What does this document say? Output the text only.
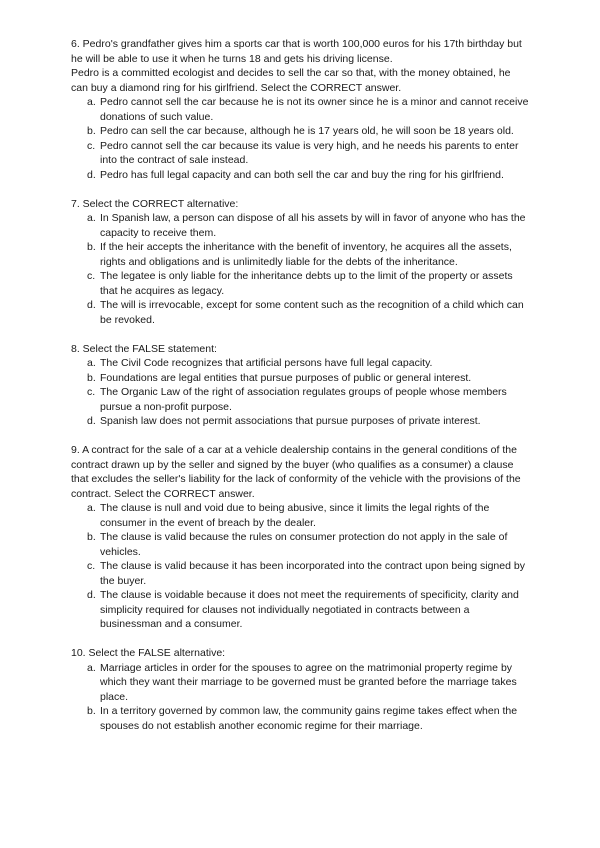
6. Pedro's grandfather gives him a sports car that is worth 100,000 euros for his 17th birthday but he will be able to use it when he turns 18 and gets his driving license.

Pedro is a committed ecologist and decides to sell the car so that, with the money obtained, he can buy a diamond ring for his girlfriend. Select the CORRECT answer.

a. Pedro cannot sell the car because he is not its owner since he is a minor and cannot receive donations of such value.
b. Pedro can sell the car because, although he is 17 years old, he will soon be 18 years old.
c. Pedro cannot sell the car because its value is very high, and he needs his parents to enter into the contract of sale instead.
d. Pedro has full legal capacity and can both sell the car and buy the ring for his girlfriend.

7. Select the CORRECT alternative:

a. In Spanish law, a person can dispose of all his assets by will in favor of anyone who has the capacity to receive them.
b. If the heir accepts the inheritance with the benefit of inventory, he acquires all the assets, rights and obligations and is unlimitedly liable for the debts of the inheritance.
c. The legatee is only liable for the inheritance debts up to the limit of the property or assets that he acquires as legacy.
d. The will is irrevocable, except for some content such as the recognition of a child which can be revoked.

8. Select the FALSE statement:

a. The Civil Code recognizes that artificial persons have full legal capacity.
b. Foundations are legal entities that pursue purposes of public or general interest.
c. The Organic Law of the right of association regulates groups of people whose members pursue a non-profit purpose.
d. Spanish law does not permit associations that pursue purposes of private interest.

9. A contract for the sale of a car at a vehicle dealership contains in the general conditions of the contract drawn up by the seller and signed by the buyer (who qualifies as a consumer) a clause that excludes the seller's liability for the lack of conformity of the vehicle with the provisions of the contract. Select the CORRECT answer.

a. The clause is null and void due to being abusive, since it limits the legal rights of the consumer in the event of breach by the dealer.
b. The clause is valid because the rules on consumer protection do not apply in the sale of vehicles.
c. The clause is valid because it has been incorporated into the contract upon being signed by the buyer.
d. The clause is voidable because it does not meet the requirements of specificity, clarity and simplicity required for clauses not individually negotiated in contracts between a businessman and a consumer.

10. Select the FALSE alternative:

a. Marriage articles in order for the spouses to agree on the matrimonial property regime by which they want their marriage to be governed must be granted before the marriage takes place.
b. In a territory governed by common law, the community gains regime takes effect when the spouses do not establish another economic regime for their marriage.
